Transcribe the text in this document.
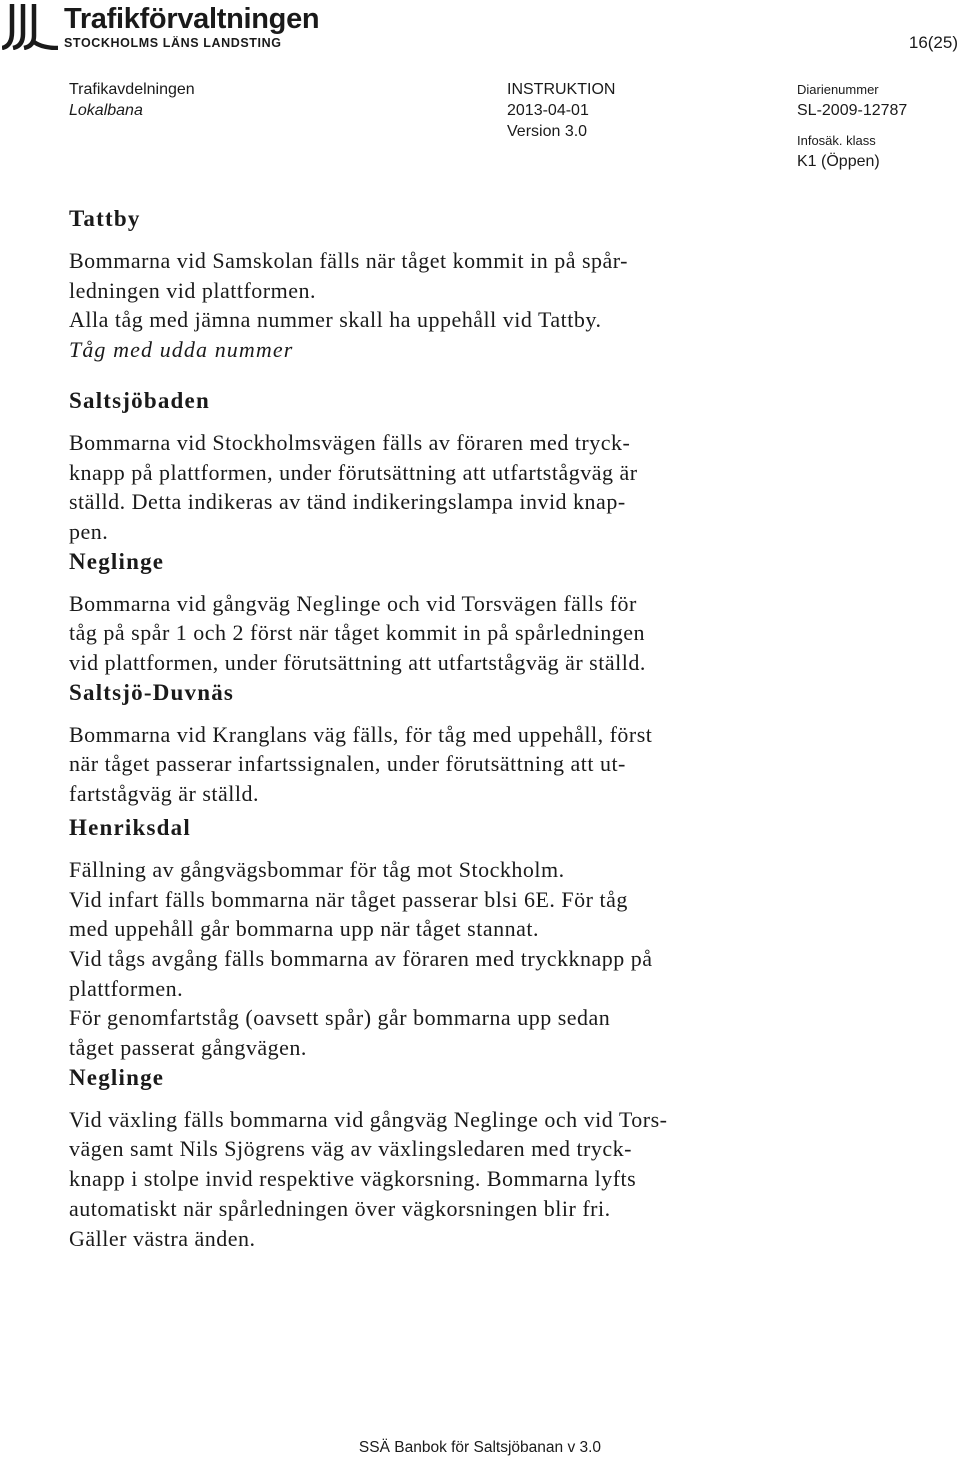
Trafikförvaltningen
STOCKHOLMS LÄNS LANDSTING	16(25)
Trafikavdelningen
Lokalbana
INSTRUKTION
2013-04-01
Version 3.0
Diarienummer
SL-2009-12787
Infosäk. klass
K1 (Öppen)
Tattby

Bommarna vid Samskolan fälls när tåget kommit in på spår-

ledningen vid plattformen.

Alla tåg med jämna nummer skall ha uppehåll vid Tattby.

Tåg med udda nummer

Saltsjöbaden

Bommarna vid Stockholmsvägen fälls av föraren med tryck-

knapp på plattformen, under förutsättning att utfartstågväg är

ställd. Detta indikeras av tänd indikeringslampa invid knap-

pen.

Neglinge

Bommarna vid gångväg Neglinge och vid Torsvägen fälls för

tåg på spår 1 och 2 först när tåget kommit in på spårledningen

vid plattformen, under förutsättning att utfartstågväg är ställd.

Saltsjö-Duvnäs

Bommarna vid Kranglans väg fälls, för tåg med uppehåll, först

när tåget passerar infartssignalen, under förutsättning att ut-

fartstågväg är ställd.

Henriksdal

Fällning av gångvägsbommar för tåg mot Stockholm.

Vid infart fälls bommarna när tåget passerar blsi 6E. För tåg

med uppehåll går bommarna upp när tåget stannat.

Vid tågs avgång fälls bommarna av föraren med tryckknapp på

plattformen.

För genomfartståg (oavsett spår) går bommarna upp sedan

tåget passerat gångvägen.

Neglinge

Vid växling fälls bommarna vid gångväg Neglinge och vid Tors-

vägen samt Nils Sjögrens väg av växlingsledaren med tryck-

knapp i stolpe invid respektive vägkorsning. Bommarna lyfts

automatiskt när spårledningen över vägkorsningen blir fri.

Gäller västra änden.

SSÄ Banbok för Saltsjöbanan v 3.0
